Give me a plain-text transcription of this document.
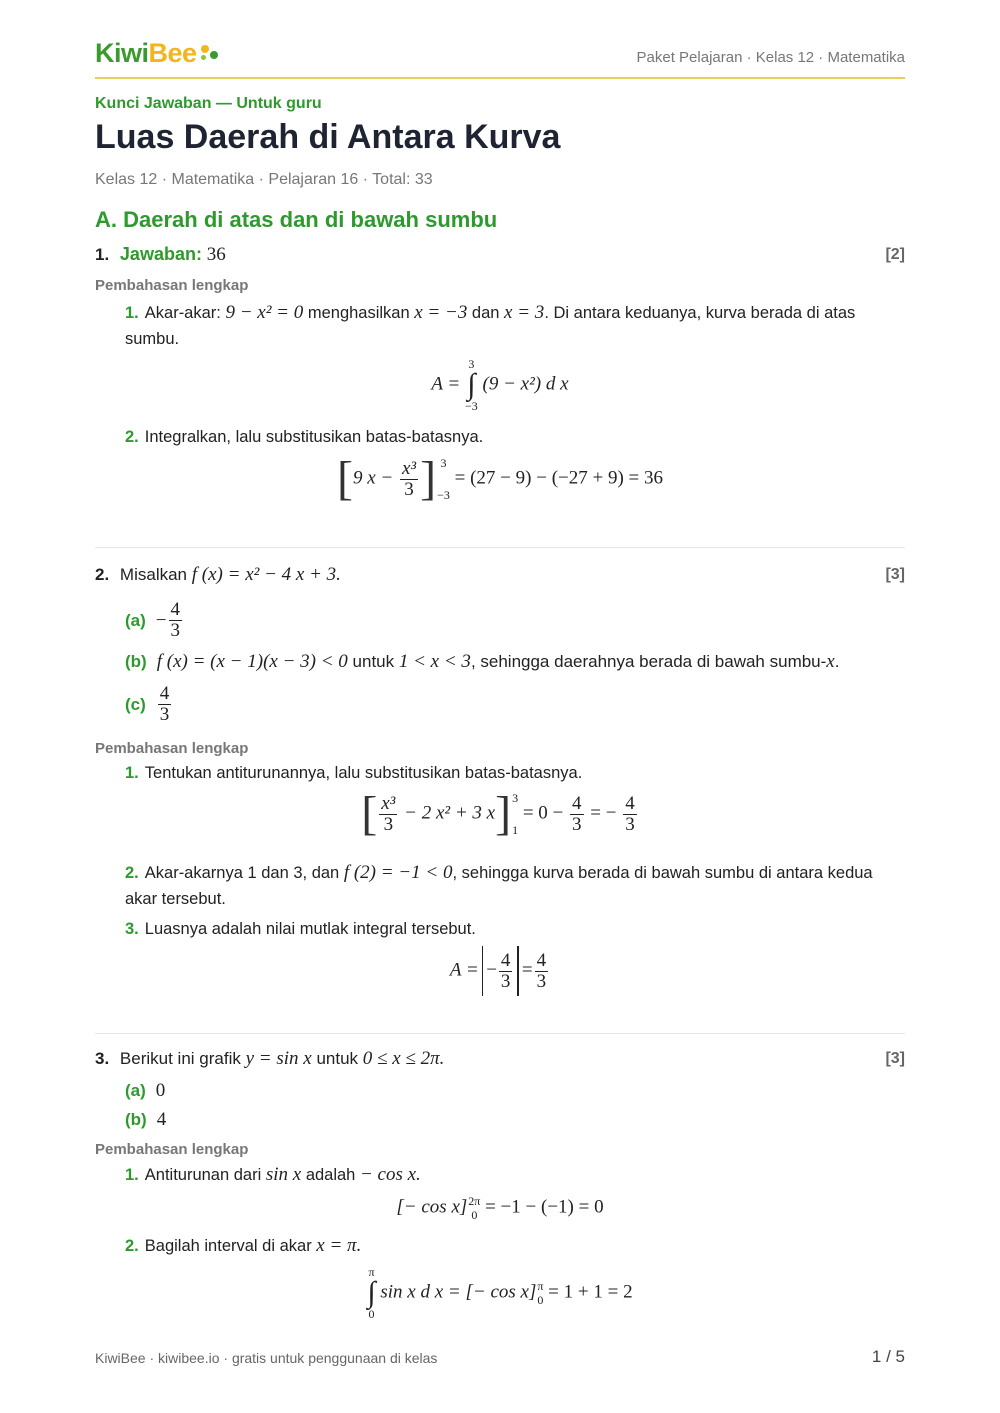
KiwiBee	Paket Pelajaran · Kelas 12 · Matematika
Kunci Jawaban — Untuk guru
Luas Daerah di Antara Kurva
Kelas 12 · Matematika · Pelajaran 16 · Total: 33
A. Daerah di atas dan di bawah sumbu
1. Jawaban: 36	[2]
Pembahasan lengkap
1. Akar-akar: 9 − x² = 0 menghasilkan x = −3 dan x = 3. Di antara keduanya, kurva berada di atas sumbu.
A =
3
∫
−3
(9 − x²) d x
2. Integralkan, lalu substitusikan batas-batasnya.
[9 $x - \frac{\text{x³}}{3}$ ] 3
−3
= (27 − 9) − (−27 + 9) = 36
2. Misalkan f (x) = x² − 4 x + 3.	[3]
$(a) - \frac{4}{3}$
(b) f (x) = (x − 1)(x − 3) < 0
untuk
1 < x < 3 , sehingga daerahnya berada di bawah sumbu- x .
$(c) \frac{4}{3}$
Pembahasan lengkap
1. Tentukan antiturunannya, lalu substitusikan batas-batasnya.
[ $\frac{\text{x³}}{3} - 2$ x² + 3 x] 3
1
= $0 - \frac{4}{3}$ = − $\frac{4}{3}$
2. Akar-akarnya 1 dan 3, dan f (2) = −1 < 0, sehingga kurva berada di bawah sumbu di antara kedua akar tersebut.
3. Luasnya adalah nilai mutlak integral tersebut.
A = − $\frac{4}{3} = \frac{4}{3}$
3. Berikut ini grafik y = sin x untuk 0 ≤ x ≤ 2π.	[3]
(a) 0
(b) 4
Pembahasan lengkap
1. Antiturunan dari sin x adalah − cos x.
[− cos x] 2π
0 = −1 − (−1) = 0
2. Bagilah interval di akar x = π.
π
∫
0
sin x d x = [− cos x] π
0 = 1 + 1 = 2
KiwiBee · kiwibee.io · gratis untuk penggunaan di kelas	1 / 5
